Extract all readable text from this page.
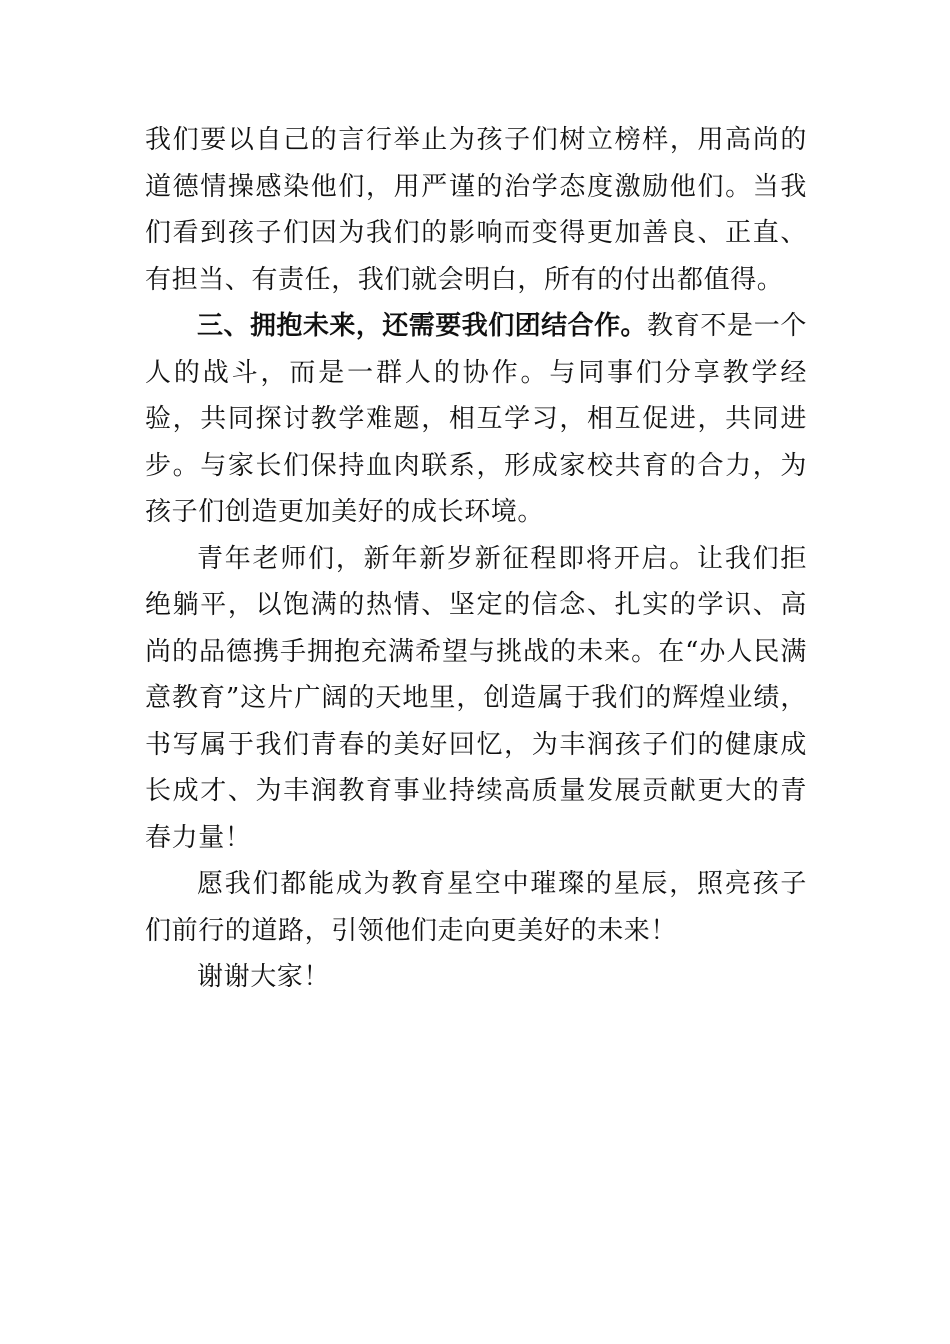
我们要以自己的言行举止为孩子们树立榜样，用高尚的道德情操感染他们，用严谨的治学态度激励他们。当我们看到孩子们因为我们的影响而变得更加善良、正直、有担当、有责任，我们就会明白，所有的付出都值得。

三、拥抱未来，还需要我们团结合作。教育不是一个人的战斗，而是一群人的协作。与同事们分享教学经验，共同探讨教学难题，相互学习，相互促进，共同进步。与家长们保持血肉联系，形成家校共育的合力，为孩子们创造更加美好的成长环境。

青年老师们，新年新岁新征程即将开启。让我们拒绝躺平，以饱满的热情、坚定的信念、扎实的学识、高尚的品德携手拥抱充满希望与挑战的未来。在“办人民满意教育”这片广阔的天地里，创造属于我们的辉煌业绩，书写属于我们青春的美好回忆，为丰润孩子们的健康成长成才、为丰润教育事业持续高质量发展贡献更大的青春力量！

愿我们都能成为教育星空中璀璨的星辰，照亮孩子们前行的道路，引领他们走向更美好的未来！

谢谢大家！
